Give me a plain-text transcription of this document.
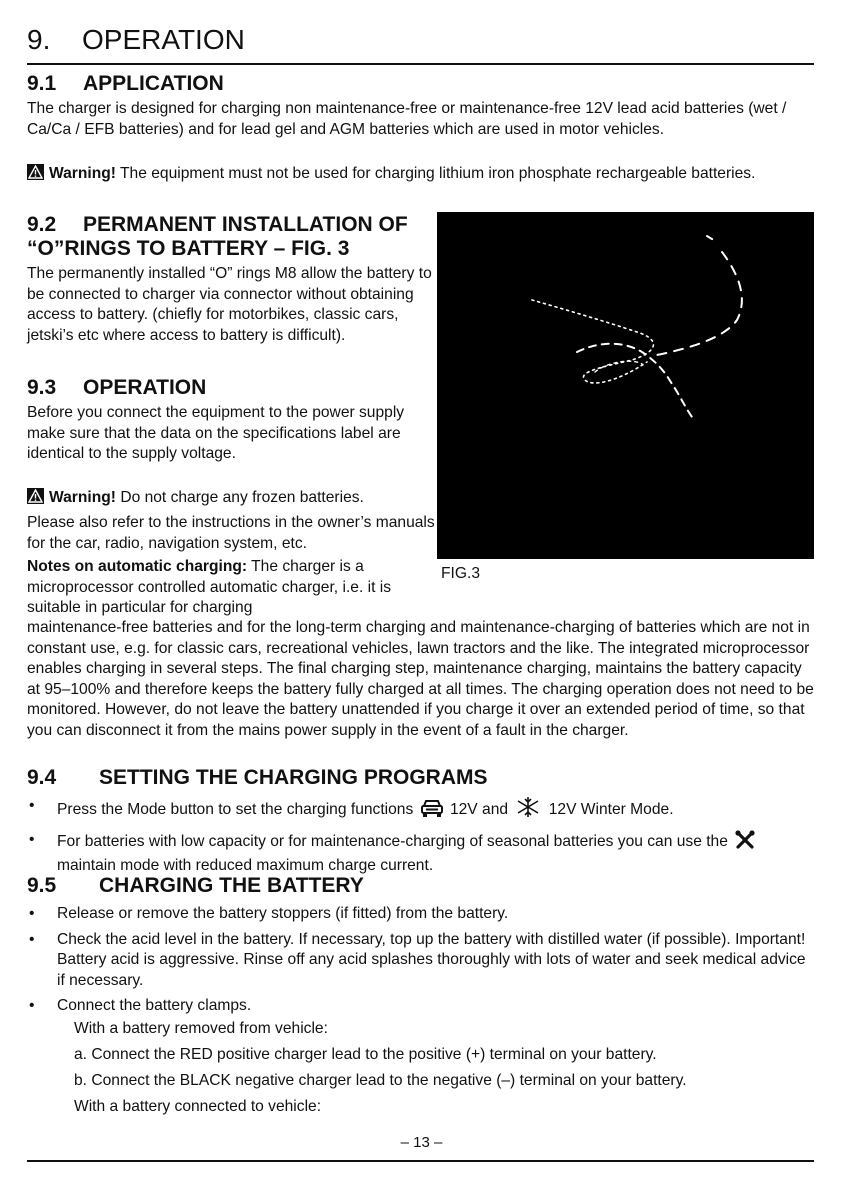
9. OPERATION
9.1 APPLICATION
The charger is designed for charging non maintenance-free or maintenance-free 12V lead acid batteries (wet / Ca/Ca / EFB batteries) and for lead gel and AGM batteries which are used in motor vehicles.
Warning! The equipment must not be used for charging lithium iron phosphate rechargeable batteries.
9.2 PERMANENT INSTALLATION OF
“O”RINGS TO BATTERY – FIG. 3
The permanently installed “O” rings M8 allow the battery to be connected to charger via connector without obtaining access to battery. (chiefly for motorbikes, classic cars, jetski’s etc where access to battery is difficult).
9.3 OPERATION
Before you connect the equipment to the power supply make sure that the data on the specifications label are identical to the supply voltage.
Warning! Do not charge any frozen batteries.
Please also refer to the instructions in the owner’s manuals for the car, radio, navigation system, etc.
Notes on automatic charging: The charger is a microprocessor controlled automatic charger, i.e. it is suitable in particular for charging
maintenance-free batteries and for the long-term charging and maintenance-charging of batteries which are not in constant use, e.g. for classic cars, recreational vehicles, lawn tractors and the like. The integrated microprocessor enables charging in several steps. The final charging step, maintenance charging, maintains the battery capacity at 95–100% and therefore keeps the battery fully charged at all times. The charging operation does not need to be monitored. However, do not leave the battery unattended if you charge it over an extended period of time, so that you can disconnect it from the mains power supply in the event of a fault in the charger.
FIG.3
9.4 SETTING THE CHARGING PROGRAMS
• Press the Mode button to set the charging functions  12V and  12V Winter Mode.
• For batteries with low capacity or for maintenance-charging of seasonal batteries you can use the  maintain mode with reduced maximum charge current.
9.5 CHARGING THE BATTERY
• Release or remove the battery stoppers (if fitted) from the battery.
• Check the acid level in the battery. If necessary, top up the battery with distilled water (if possible). Important! Battery acid is aggressive. Rinse off any acid splashes thoroughly with lots of water and seek medical advice if necessary.
• Connect the battery clamps.
With a battery removed from vehicle:
a. Connect the RED positive charger lead to the positive (+) terminal on your battery.
b. Connect the BLACK negative charger lead to the negative (–) terminal on your battery.
With a battery connected to vehicle:
– 13 –
